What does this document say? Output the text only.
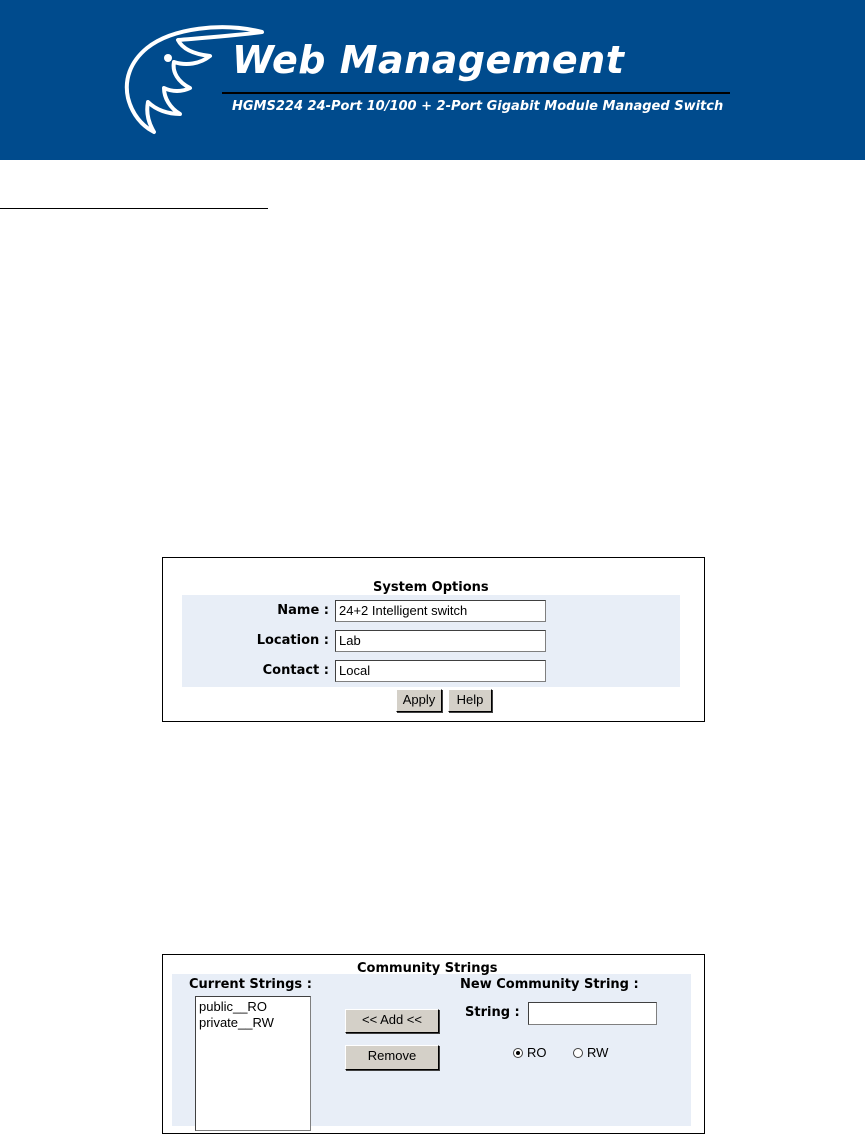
Web Management
HGMS224 24-Port 10/100 + 2-Port Gigabit Module Managed Switch
System Options
Name : 24+2 Intelligent switch
Location : Lab
Contact : Local
Apply	Help
Community Strings
Current Strings :
public__RO
private__RW	<< Add <<
Remove
New Community String :
String :
RO	RW
